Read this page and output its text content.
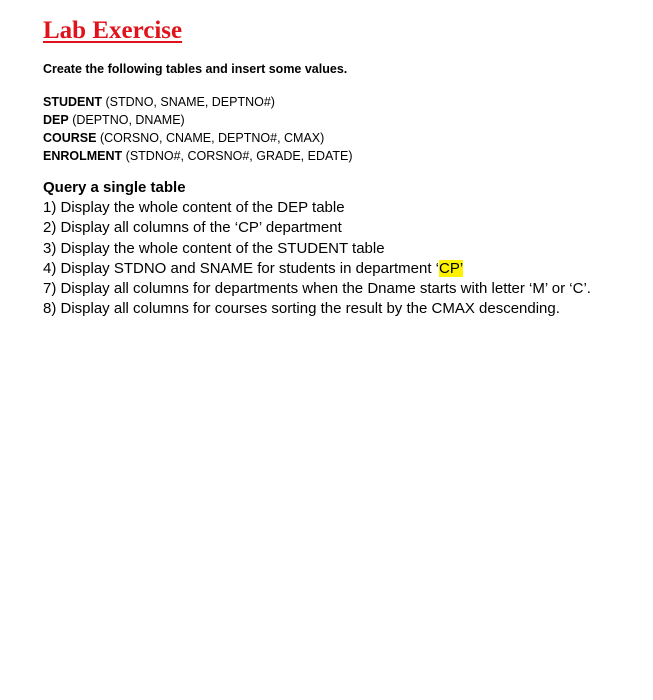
Lab Exercise

Create the following tables and insert some values.

STUDENT (STDNO, SNAME, DEPTNO#)
DEP (DEPTNO, DNAME)
COURSE (CORSNO, CNAME, DEPTNO#, CMAX)
ENROLMENT (STDNO#, CORSNO#, GRADE, EDATE)

Query a single table

1) Display the whole content of the DEP table
2) Display all columns of the ‘CP’ department
3) Display the whole content of the STUDENT table
4) Display STDNO and SNAME for students in department ‘CP’
7) Display all columns for departments when the Dname starts with letter ‘M’ or ‘C’.
8) Display all columns for courses sorting the result by the CMAX descending.
